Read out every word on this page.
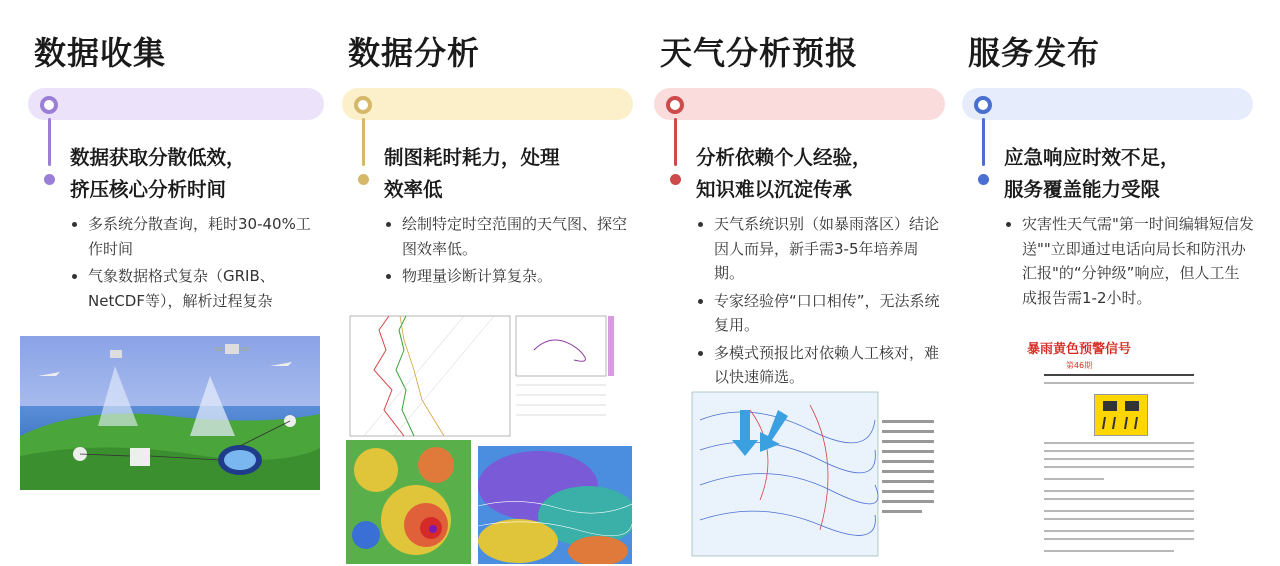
数据收集
数据获取分散低效，
挤压核心分析时间
多系统分散查询，耗时30-40%工作时间
气象数据格式复杂（GRIB、NetCDF等），解析过程复杂
数据分析
制图耗时耗力，处理
效率低
绘制特定时空范围的天气图、探空图效率低。
物理量诊断计算复杂。
天气分析预报
分析依赖个人经验，
知识难以沉淀传承
天气系统识别（如暴雨落区）结论因人而异，新手需3-5年培养周期。
专家经验停“口口相传”，无法系统复用。
多模式预报比对依赖人工核对，难以快速筛选。
服务发布
应急响应时效不足，
服务覆盖能力受限
灾害性天气需"第一时间编辑短信发送""立即通过电话向局长和防汛办汇报"的“分钟级”响应，但人工生成报告需1-2小时。
暴雨黄色预警信号
第46期
